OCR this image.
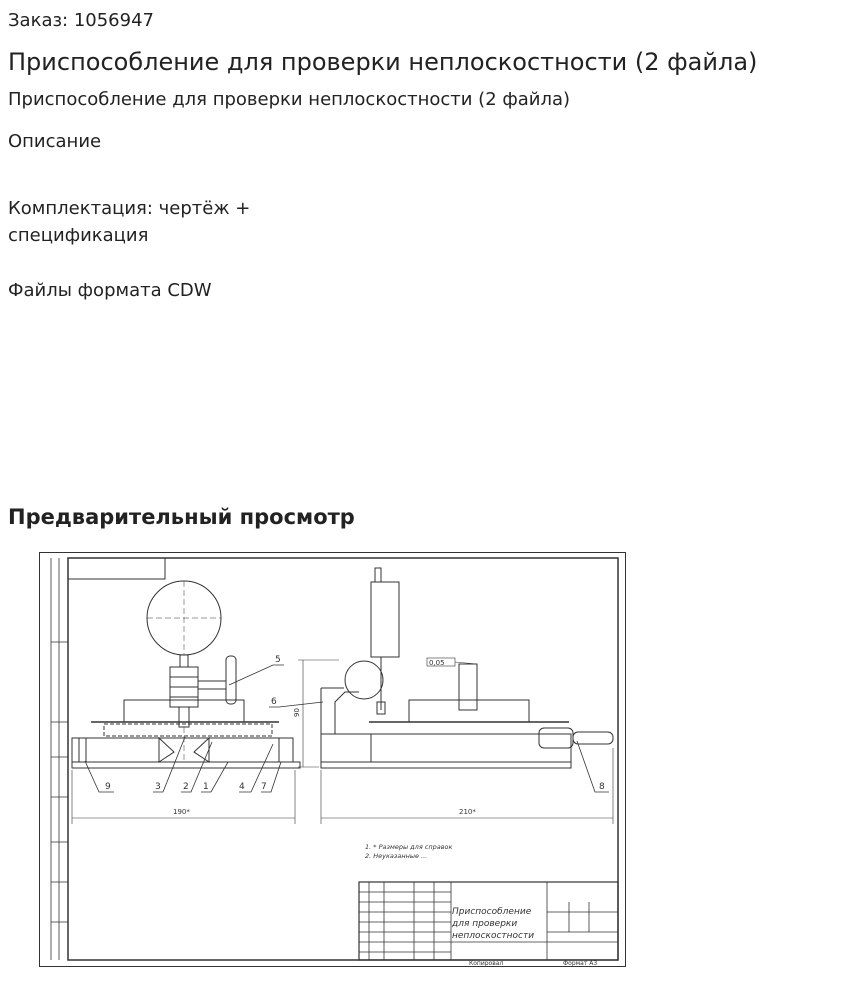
Заказ: 1056947
Приспособление для проверки неплоскостности (2 файла)
Приспособление для проверки неплоскостности (2 файла)
Описание
Комплектация: чертёж + спецификация
Файлы формата CDW
Предварительный просмотр
5
6
9	3 2 1	4 7	8
0,05
90
190*	210*
1. * Размеры для справок
2. Неуказанные ...
Приспособление для проверки неплоскостности
Копировал	Формат A3
